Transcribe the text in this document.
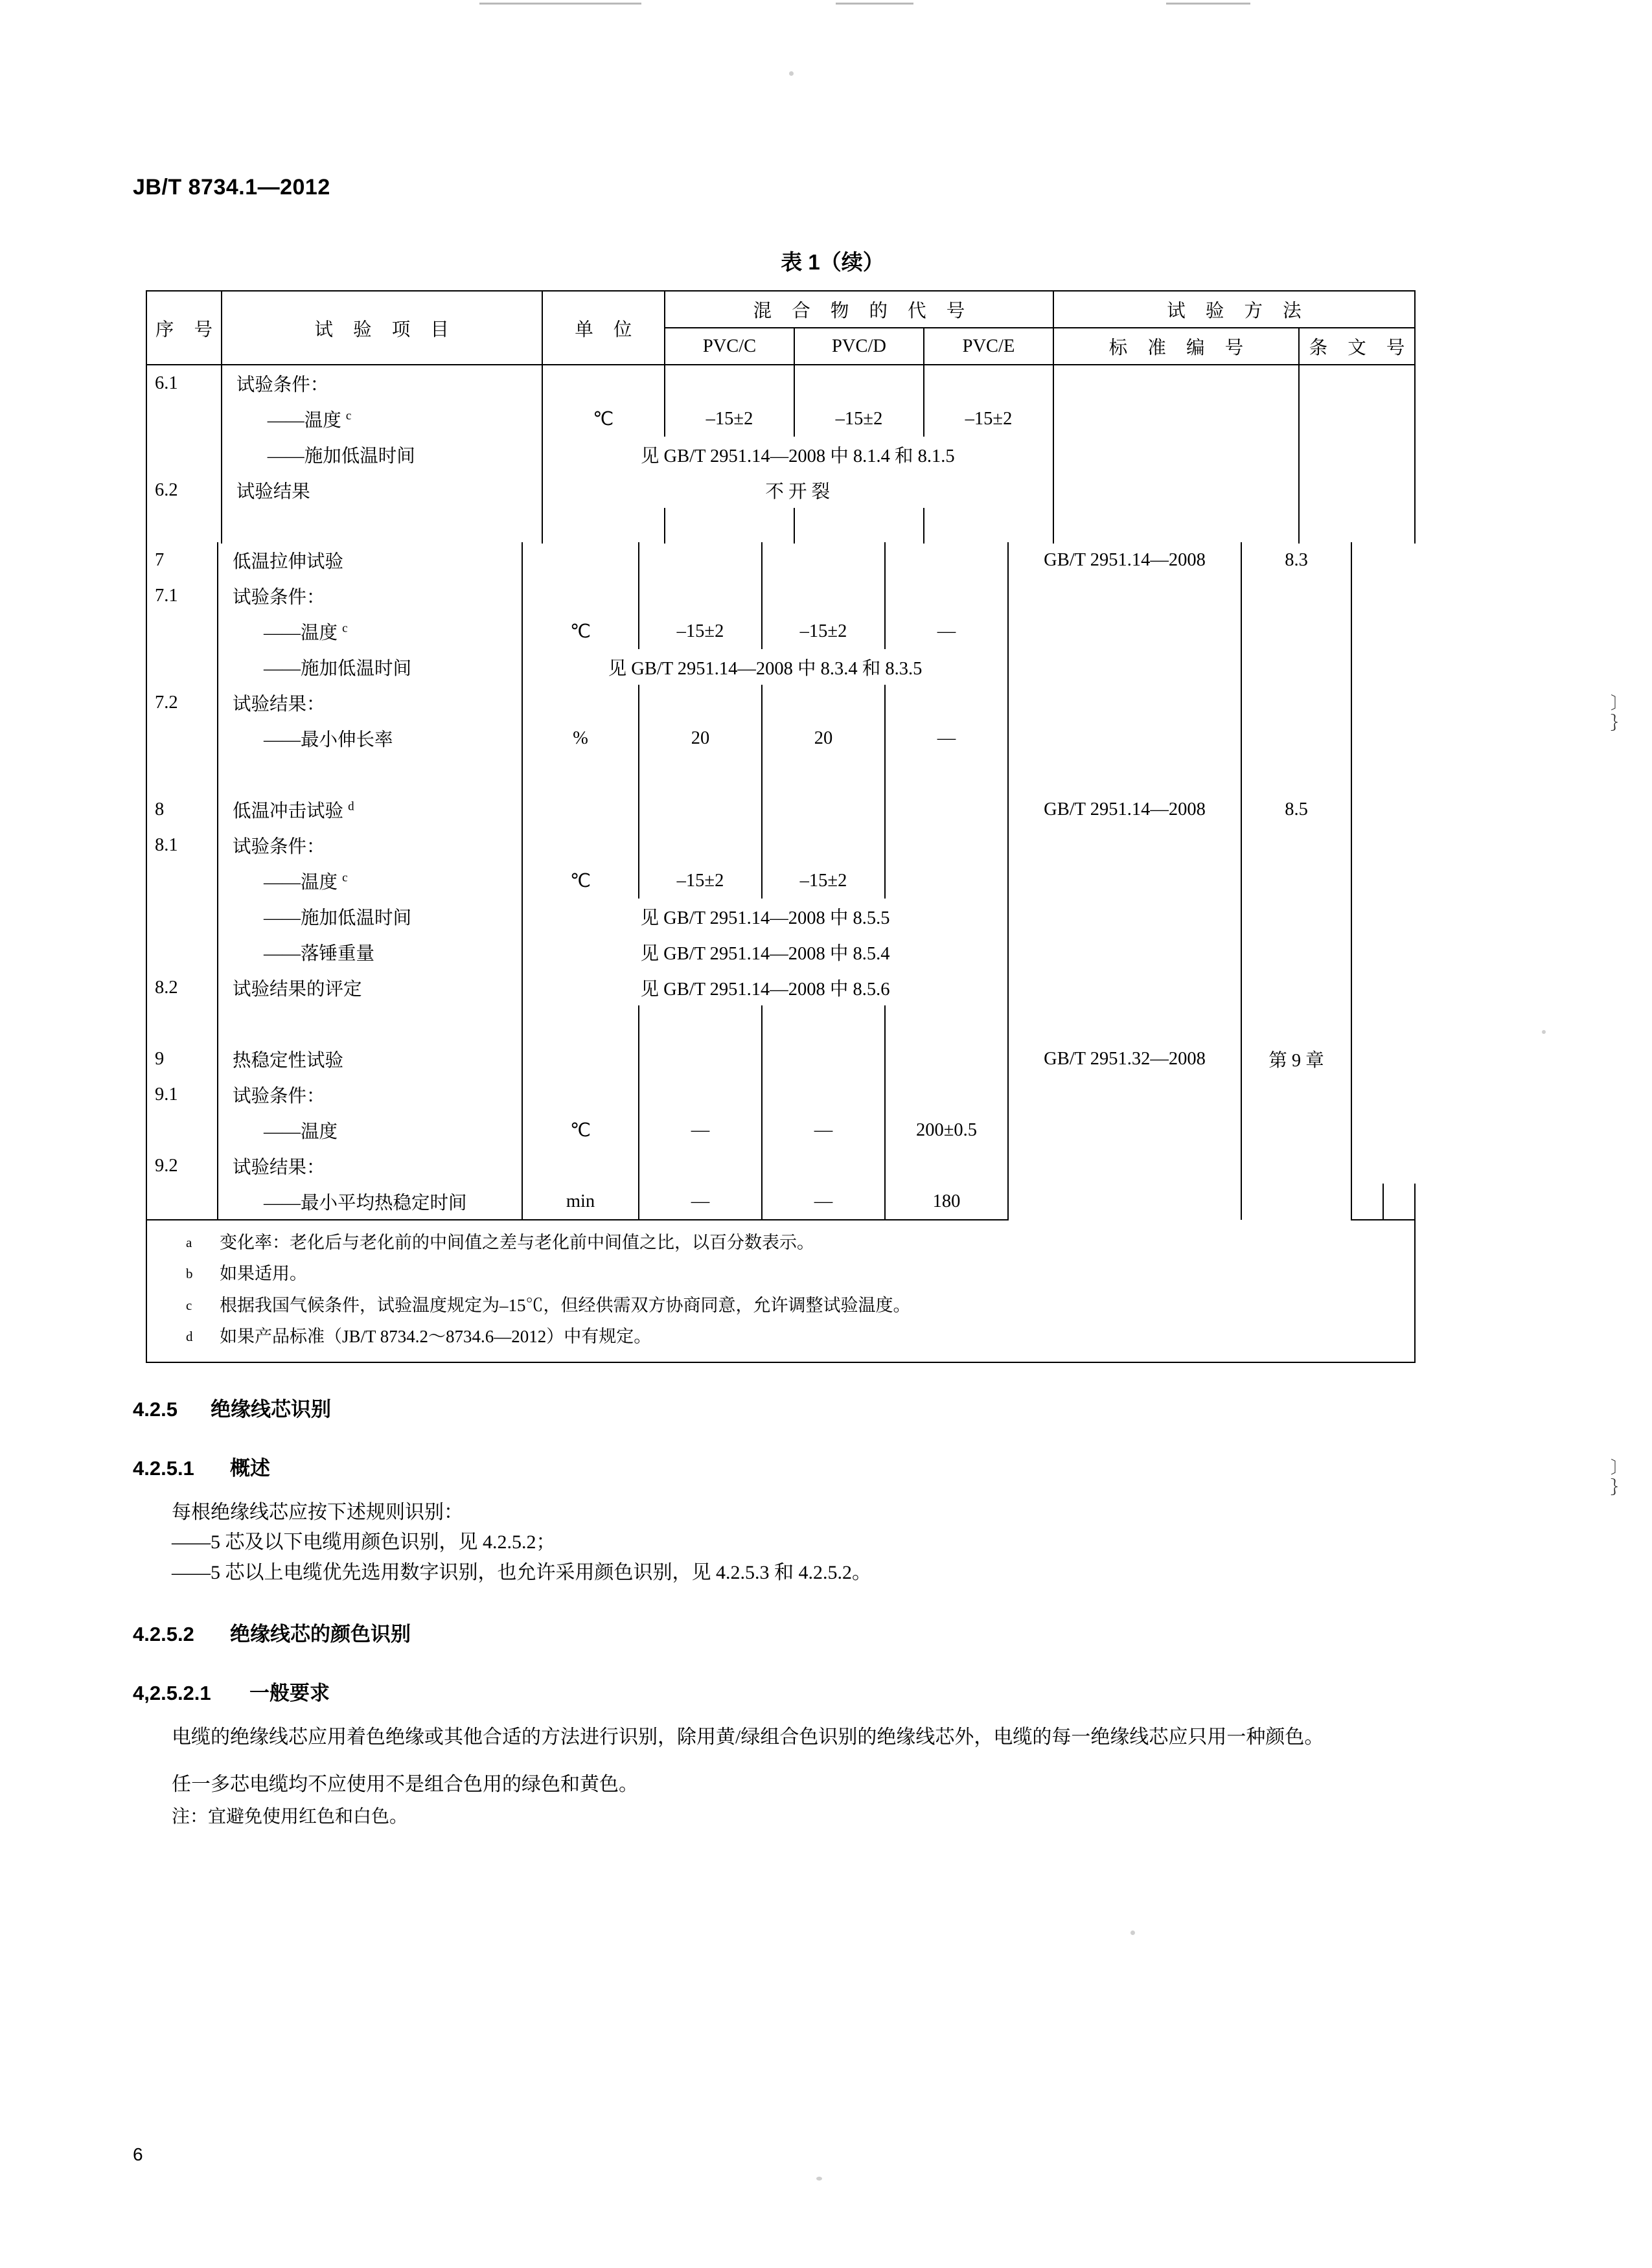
〕
｝
〕
｝
JB/T 8734.1—2012
表 1（续）
序 号	试 验 项 目	单 位	混 合 物 的 代 号			试 验 方 法	
			PVC/C	PVC/D	PVC/E	标 准 编 号	条 文 号
6.1	试验条件：						
	——温度 $^c$	℃	–15±2	–15±2	–15±2		
	——施加低温时间	见 GB/T 2951.14—2008 中 8.1.4 和 8.1.5					
6.2	试验结果	不 开 裂					

7	低温拉伸试验					GB/T 2951.14—2008	8.3		
7.1	试验条件：								
	——温度 $^c$	℃	–15±2	–15±2	—				
	——施加低温时间	见 GB/T 2951.14—2008 中 8.3.4 和 8.3.5							
7.2	试验结果：								
	——最小伸长率	%	20	20	—				

8	低温冲击试验 $^d$					GB/T 2951.14—2008	8.5		
8.1	试验条件：								
	——温度 $^c$	℃	–15±2	–15±2					
	——施加低温时间	见 GB/T 2951.14—2008 中 8.5.5							
	——落锤重量	见 GB/T 2951.14—2008 中 8.5.4							
8.2	试验结果的评定	见 GB/T 2951.14—2008 中 8.5.6							

9	热稳定性试验					GB/T 2951.32—2008	第 9 章		
9.1	试验条件：								
	——温度	℃	—	—	200±0.5				
9.2	试验结果：								
	——最小平均热稳定时间	min	—	—	180				
a	变化率：老化后与老化前的中间值之差与老化前中间值之比，以百分数表示。
b	如果适用。
c	根据我国气候条件，试验温度规定为–15℃，但经供需双方协商同意，允许调整试验温度。
d	如果产品标准（JB/T 8734.2～8734.6—2012）中有规定。
4.2.5 绝缘线芯识别
4.2.5.1 概述
每根绝缘线芯应按下述规则识别：
——5 芯及以下电缆用颜色识别，见 4.2.5.2；
——5 芯以上电缆优先选用数字识别，也允许采用颜色识别，见 4.2.5.3 和 4.2.5.2。
4.2.5.2 绝缘线芯的颜色识别
4,2.5.2.1 一般要求
电缆的绝缘线芯应用着色绝缘或其他合适的方法进行识别，除用黄/绿组合色识别的绝缘线芯外，电缆的每一绝缘线芯应只用一种颜色。
任一多芯电缆均不应使用不是组合色用的绿色和黄色。
注：宜避免使用红色和白色。
6
